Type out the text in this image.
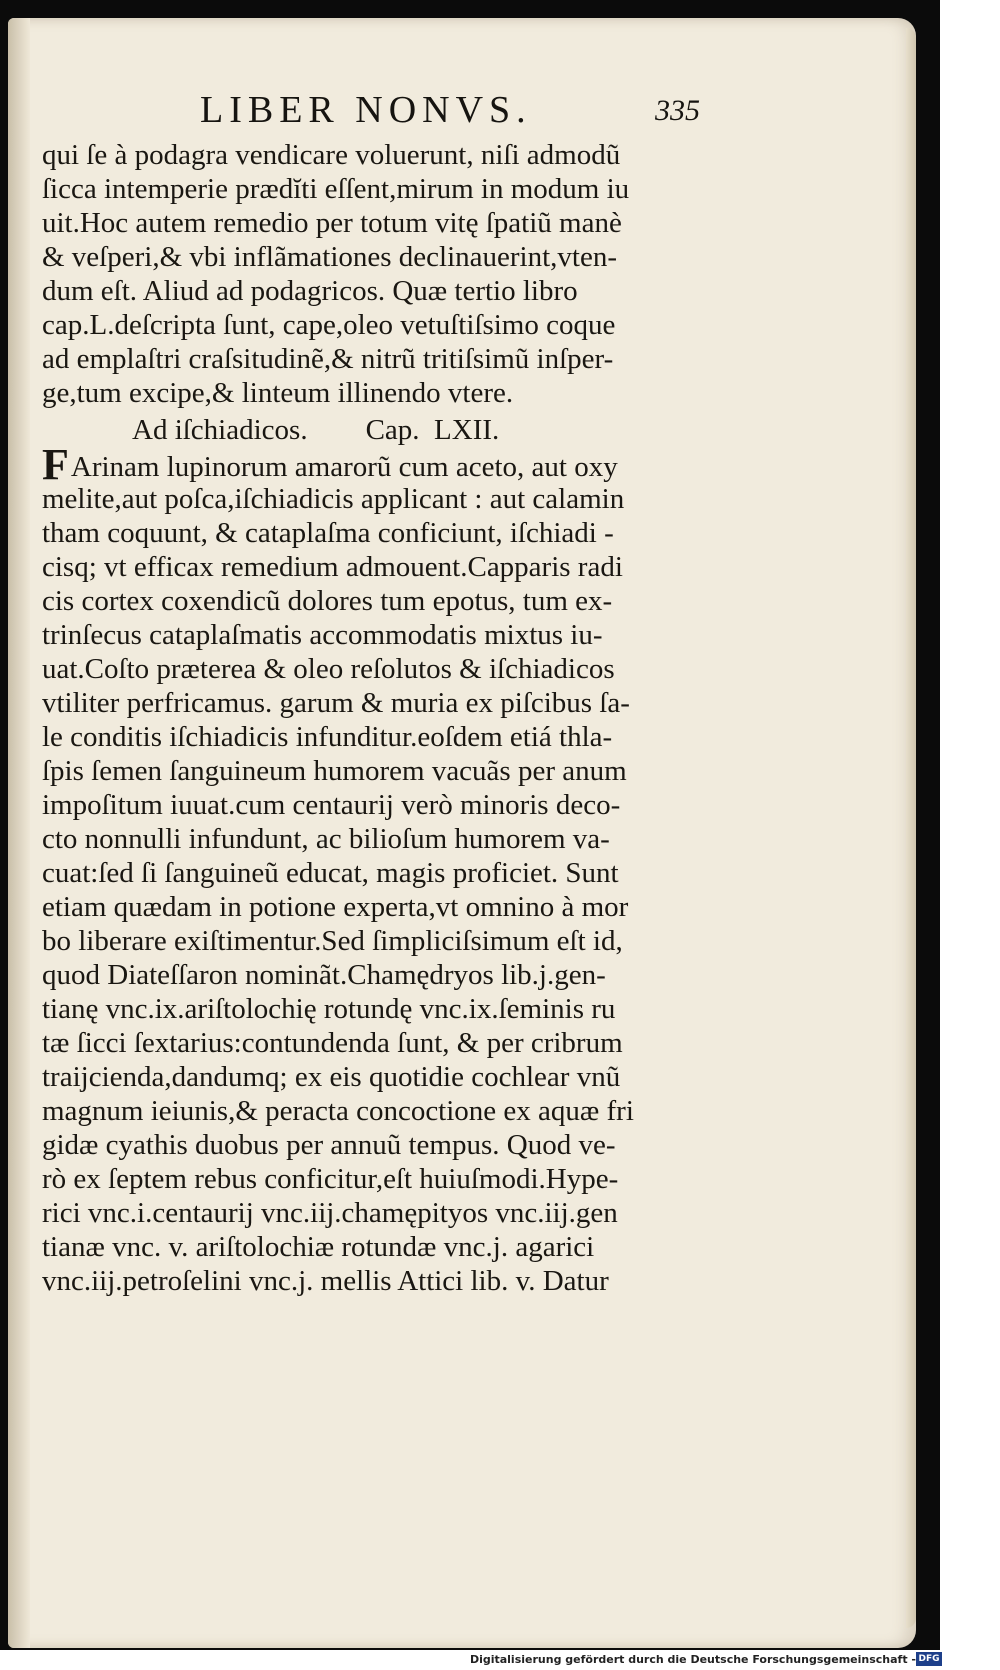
LIBER NONVS.	335
qui ſe à podagra vendicare voluerunt, niſi admodũ
ſicca intemperie prædĭti eſſent,mirum in modum iu
uit.Hoc autem remedio per totum vitę ſpatiũ manè
& veſperi,& vbi inflãmationes declinauerint,vten-
dum eſt. Aliud ad podagricos. Quæ tertio libro
cap.L.deſcripta ſunt, cape,oleo vetuſtiſsimo coque
ad emplaſtri craſsitudinẽ,& nitrũ tritiſsimũ inſper-
ge,tum excipe,& linteum illinendo vtere.
Ad iſchiadicos.        Cap.  LXII.
FArinam lupinorum amarorũ cum aceto, aut oxy
melite,aut poſca,iſchiadicis applicant : aut calamin
tham coquunt, & cataplaſma conficiunt, iſchiadi -
cisq; vt efficax remedium admouent.Capparis radi
cis cortex coxendicũ dolores tum epotus, tum ex-
trinſecus cataplaſmatis accommodatis mixtus iu-
uat.Coſto præterea & oleo reſolutos & iſchiadicos
vtiliter perfricamus. garum & muria ex piſcibus ſa-
le conditis iſchiadicis infunditur.eoſdem etiá thla-
ſpis ſemen ſanguineum humorem vacuãs per anum
impoſitum iuuat.cum centaurij verò minoris deco-
cto nonnulli infundunt, ac bilioſum humorem va-
cuat:ſed ſi ſanguineũ educat, magis proficiet. Sunt
etiam quædam in potione experta,vt omnino à mor
bo liberare exiſtimentur.Sed ſimpliciſsimum eſt id,
quod Diateſſaron nominãt.Chamędryos lib.j.gen-
tianę vnc.ix.ariſtolochię rotundę vnc.ix.ſeminis ru
tæ ſicci ſextarius:contundenda ſunt, & per cribrum
traijcienda,dandumq; ex eis quotidie cochlear vnũ
magnum ieiunis,& peracta concoctione ex aquæ fri
gidæ cyathis duobus per annuũ tempus. Quod ve-
rò ex ſeptem rebus conficitur,eſt huiuſmodi.Hype-
rici vnc.i.centaurij vnc.iij.chamępityos vnc.iij.gen
tianæ vnc. v. ariſtolochiæ rotundæ vnc.j. agarici
vnc.iij.petroſelini vnc.j. mellis Attici lib. v. Datur
Digitalisierung gefördert durch die Deutsche Forschungsgemeinschaft - DFG
